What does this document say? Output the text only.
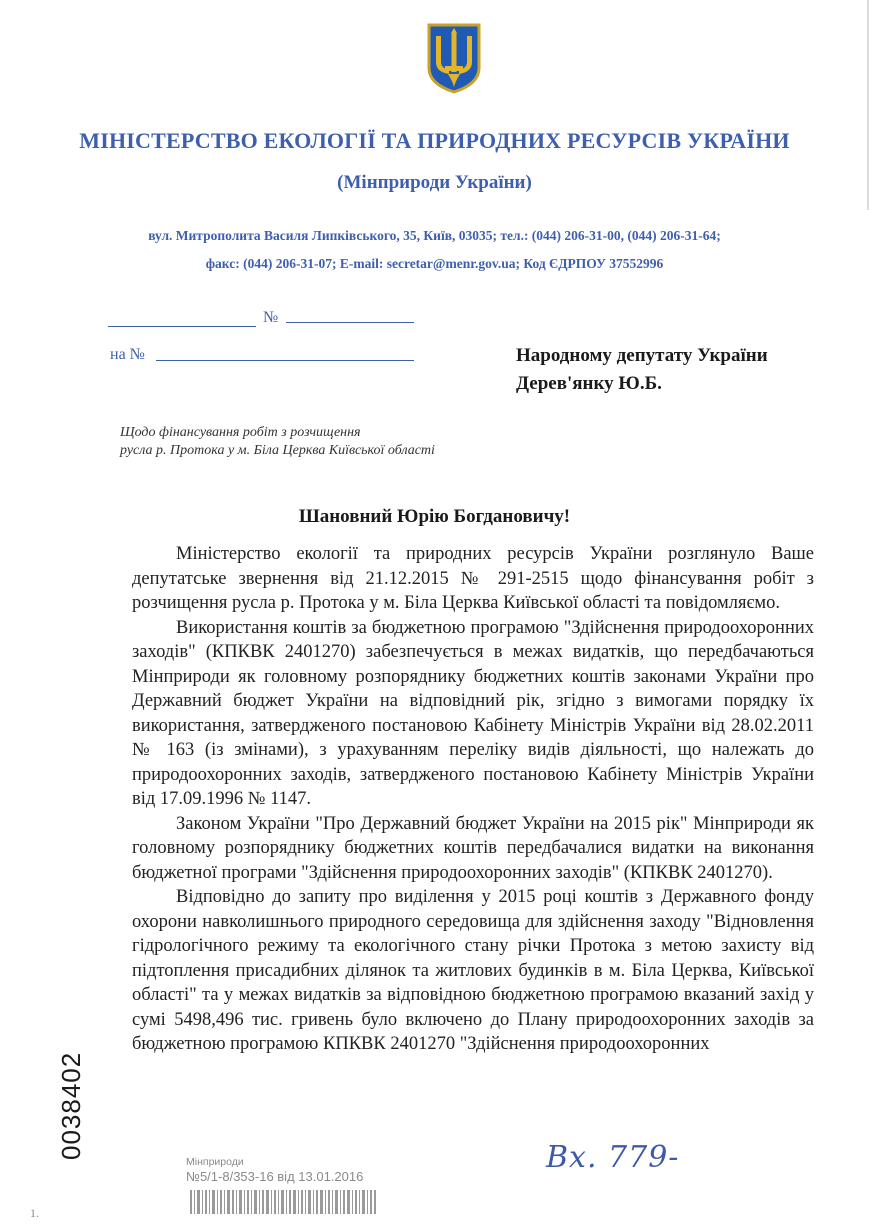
МІНІСТЕРСТВО ЕКОЛОГІЇ ТА ПРИРОДНИХ РЕСУРСІВ УКРАЇНИ
(Мінприроди України)
вул. Митрополита Василя Липківського, 35, Київ, 03035; тел.: (044) 206-31-00, (044) 206-31-64;
факс: (044) 206-31-07; E-mail: secretar@menr.gov.ua; Код ЄДРПОУ 37552996
№
на №	Народному депутату України
Дерев'янку Ю.Б.
Щодо фінансування робіт з розчищення
русла р. Протока у м. Біла Церква Київської області
Шановний Юрію Богдановичу!

Міністерство екології та природних ресурсів України розглянуло Ваше депутатське звернення від 21.12.2015 № 291-2515 щодо фінансування робіт з розчищення русла р. Протока у м. Біла Церква Київської області та повідомляємо.

Використання коштів за бюджетною програмою "Здійснення природоохоронних заходів" (КПКВК 2401270) забезпечується в межах видатків, що передбачаються Мінприроди як головному розпоряднику бюджетних коштів законами України про Державний бюджет України на відповідний рік, згідно з вимогами порядку їх використання, затвердженого постановою Кабінету Міністрів України від 28.02.2011 № 163 (із змінами), з урахуванням переліку видів діяльності, що належать до природоохоронних заходів, затвердженого постановою Кабінету Міністрів України від 17.09.1996 № 1147.

Законом України "Про Державний бюджет України на 2015 рік" Мінприроди як головному розпоряднику бюджетних коштів передбачалися видатки на виконання бюджетної програми "Здійснення природоохоронних заходів" (КПКВК 2401270).

Відповідно до запиту про виділення у 2015 році коштів з Державного фонду охорони навколишнього природного середовища для здійснення заходу "Відновлення гідрологічного режиму та екологічного стану річки Протока з метою захисту від підтоплення присадибних ділянок та житлових будинків в м. Біла Церква, Київської області" та у межах видатків за відповідною бюджетною програмою вказаний захід у сумі 5498,496 тис. гривень було включено до Плану природоохоронних заходів за бюджетною програмою КПКВК 2401270 "Здійснення природоохоронних

0038402
Мінприроди
№5/1-8/353-16 від 13.01.2016
Вх. 779-
1.
